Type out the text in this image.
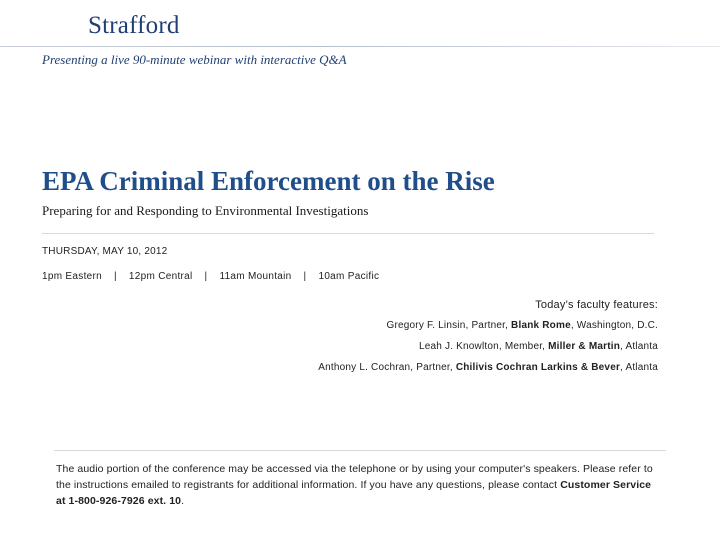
Strafford
Presenting a live 90-minute webinar with interactive Q&A
EPA Criminal Enforcement on the Rise
Preparing for and Responding to Environmental Investigations
THURSDAY, MAY 10, 2012
1pm Eastern | 12pm Central | 11am Mountain | 10am Pacific
Today’s faculty features:
Gregory F. Linsin, Partner, Blank Rome, Washington, D.C.
Leah J. Knowlton, Member, Miller & Martin, Atlanta
Anthony L. Cochran, Partner, Chilivis Cochran Larkins & Bever, Atlanta
The audio portion of the conference may be accessed via the telephone or by using your computer's speakers. Please refer to the instructions emailed to registrants for additional information. If you have any questions, please contact Customer Service at 1-800-926-7926 ext. 10.
